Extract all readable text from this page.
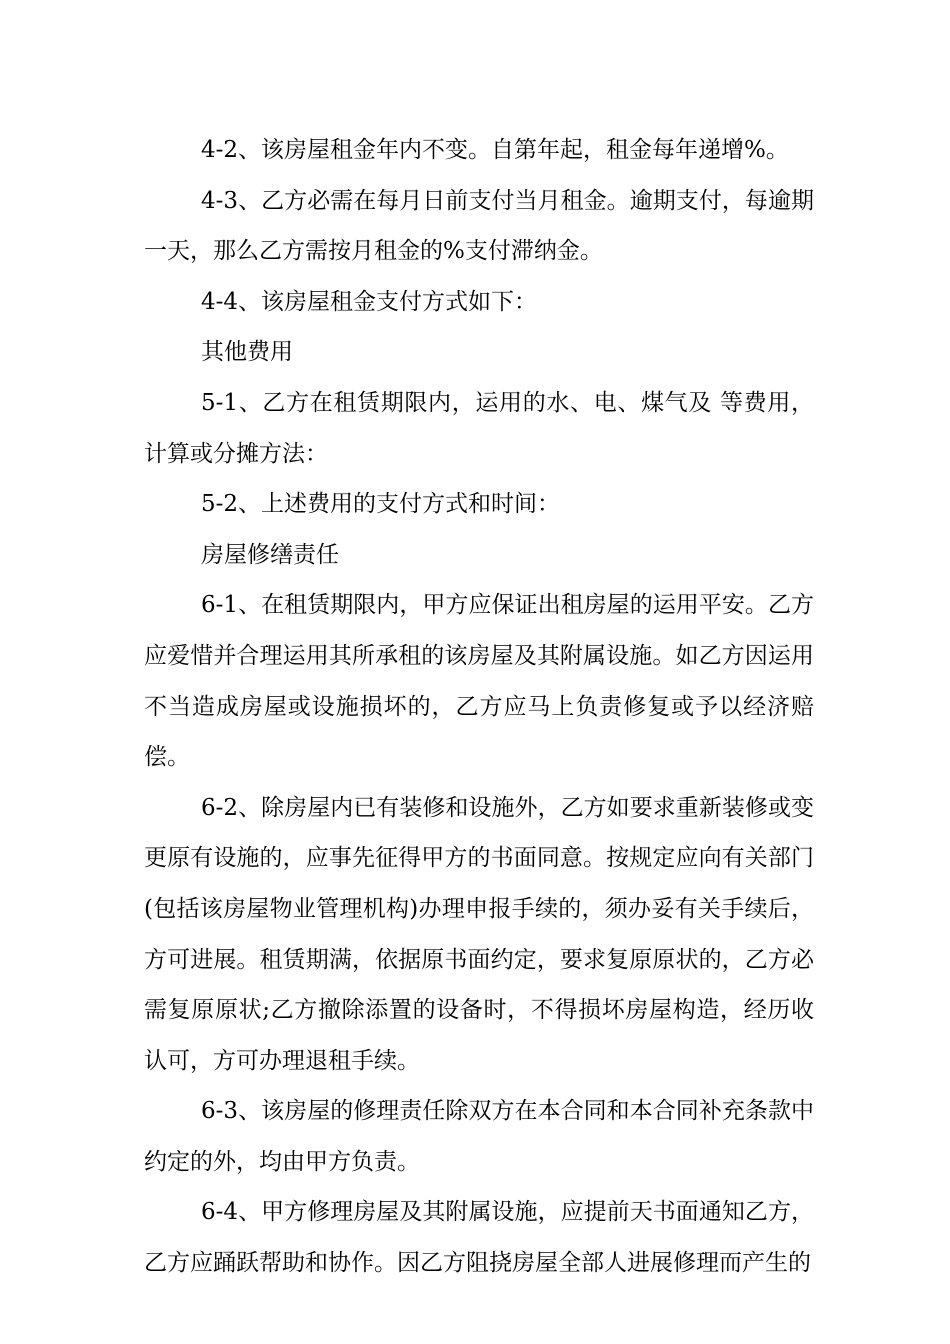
4-2、该房屋租金年内不变。自第年起，租金每年递增%。

4-3、乙方必需在每月日前支付当月租金。逾期支付，每逾期一天，那么乙方需按月租金的%支付滞纳金。

4-4、该房屋租金支付方式如下：

其他费用

5-1、乙方在租赁期限内，运用的水、电、煤气及 等费用，计算或分摊方法：

5-2、上述费用的支付方式和时间：

房屋修缮责任

6-1、在租赁期限内，甲方应保证出租房屋的运用平安。乙方应爱惜并合理运用其所承租的该房屋及其附属设施。如乙方因运用不当造成房屋或设施损坏的，乙方应马上负责修复或予以经济赔偿。

6-2、除房屋内已有装修和设施外，乙方如要求重新装修或变更原有设施的，应事先征得甲方的书面同意。按规定应向有关部门(包括该房屋物业管理机构)办理申报手续的，须办妥有关手续后，方可进展。租赁期满，依据原书面约定，要求复原原状的，乙方必需复原原状;乙方撤除添置的设备时，不得损坏房屋构造，经历收认可，方可办理退租手续。

6-3、该房屋的修理责任除双方在本合同和本合同补充条款中约定的外，均由甲方负责。

6-4、甲方修理房屋及其附属设施，应提前天书面通知乙方，乙方应踊跃帮助和协作。因乙方阻挠房屋全部人进展修理而产生的
